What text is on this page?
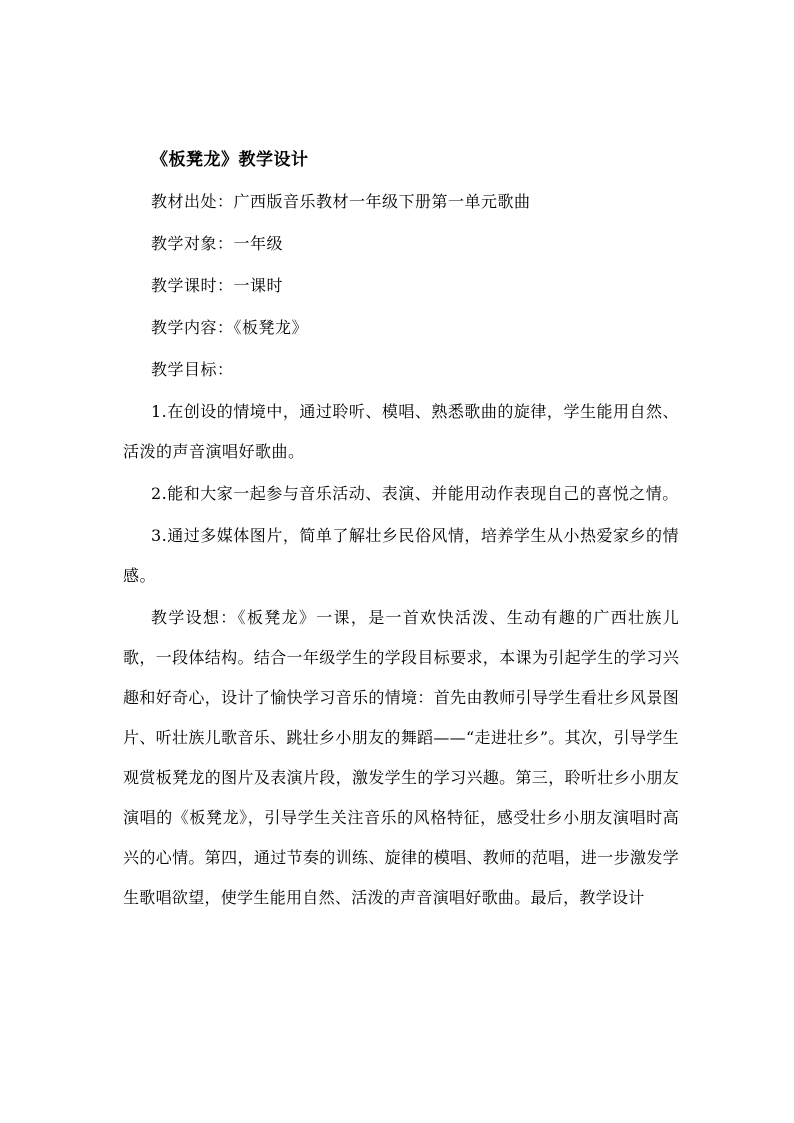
《板凳龙》教学设计
教材出处：广西版音乐教材一年级下册第一单元歌曲
教学对象：一年级
教学课时：一课时
教学内容：《板凳龙》
教学目标：

1.在创设的情境中，通过聆听、模唱、熟悉歌曲的旋律，学生能用自然、活泼的声音演唱好歌曲。

2.能和大家一起参与音乐活动、表演、并能用动作表现自己的喜悦之情。

3.通过多媒体图片，简单了解壮乡民俗风情，培养学生从小热爱家乡的情感。

教学设想：《板凳龙》一课，是一首欢快活泼、生动有趣的广西壮族儿歌，一段体结构。结合一年级学生的学段目标要求，本课为引起学生的学习兴趣和好奇心，设计了愉快学习音乐的情境：首先由教师引导学生看壮乡风景图片、听壮族儿歌音乐、跳壮乡小朋友的舞蹈——“走进壮乡”。其次，引导学生观赏板凳龙的图片及表演片段，激发学生的学习兴趣。第三，聆听壮乡小朋友演唱的《板凳龙》，引导学生关注音乐的风格特征，感受壮乡小朋友演唱时高兴的心情。第四，通过节奏的训练、旋律的模唱、教师的范唱，进一步激发学生歌唱欲望，使学生能用自然、活泼的声音演唱好歌曲。最后，教学设计
